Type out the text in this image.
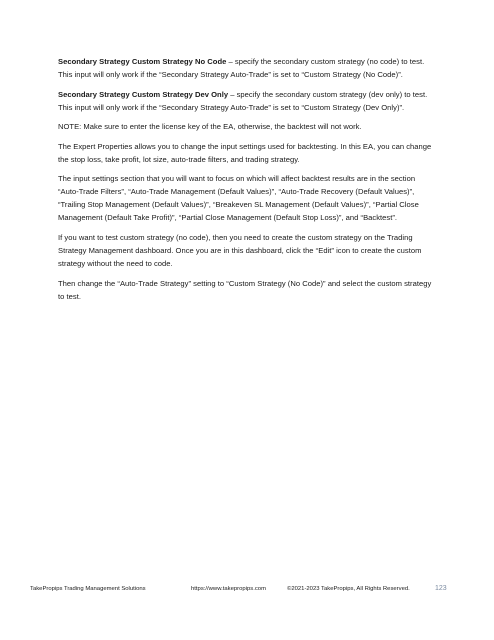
Secondary Strategy Custom Strategy No Code – specify the secondary custom strategy (no code) to test. This input will only work if the “Secondary Strategy Auto-Trade” is set to “Custom Strategy (No Code)”.

Secondary Strategy Custom Strategy Dev Only – specify the secondary custom strategy (dev only) to test. This input will only work if the “Secondary Strategy Auto-Trade” is set to “Custom Strategy (Dev Only)”.

NOTE: Make sure to enter the license key of the EA, otherwise, the backtest will not work.

The Expert Properties allows you to change the input settings used for backtesting. In this EA, you can change the stop loss, take profit, lot size, auto-trade filters, and trading strategy.

The input settings section that you will want to focus on which will affect backtest results are in the section “Auto-Trade Filters”, “Auto-Trade Management (Default Values)”, “Auto-Trade Recovery (Default Values)”, “Trailing Stop Management (Default Values)”, “Breakeven SL Management (Default Values)”, “Partial Close Management (Default Take Profit)”, “Partial Close Management (Default Stop Loss)”, and “Backtest”.

If you want to test custom strategy (no code), then you need to create the custom strategy on the Trading Strategy Management dashboard. Once you are in this dashboard, click the “Edit” icon to create the custom strategy without the need to code.

Then change the “Auto-Trade Strategy” setting to “Custom Strategy (No Code)” and select the custom strategy to test.

TakePropips Trading Management Solutions	https://www.takepropips.com	©2021-2023 TakePropips, All Rights Reserved.	123
